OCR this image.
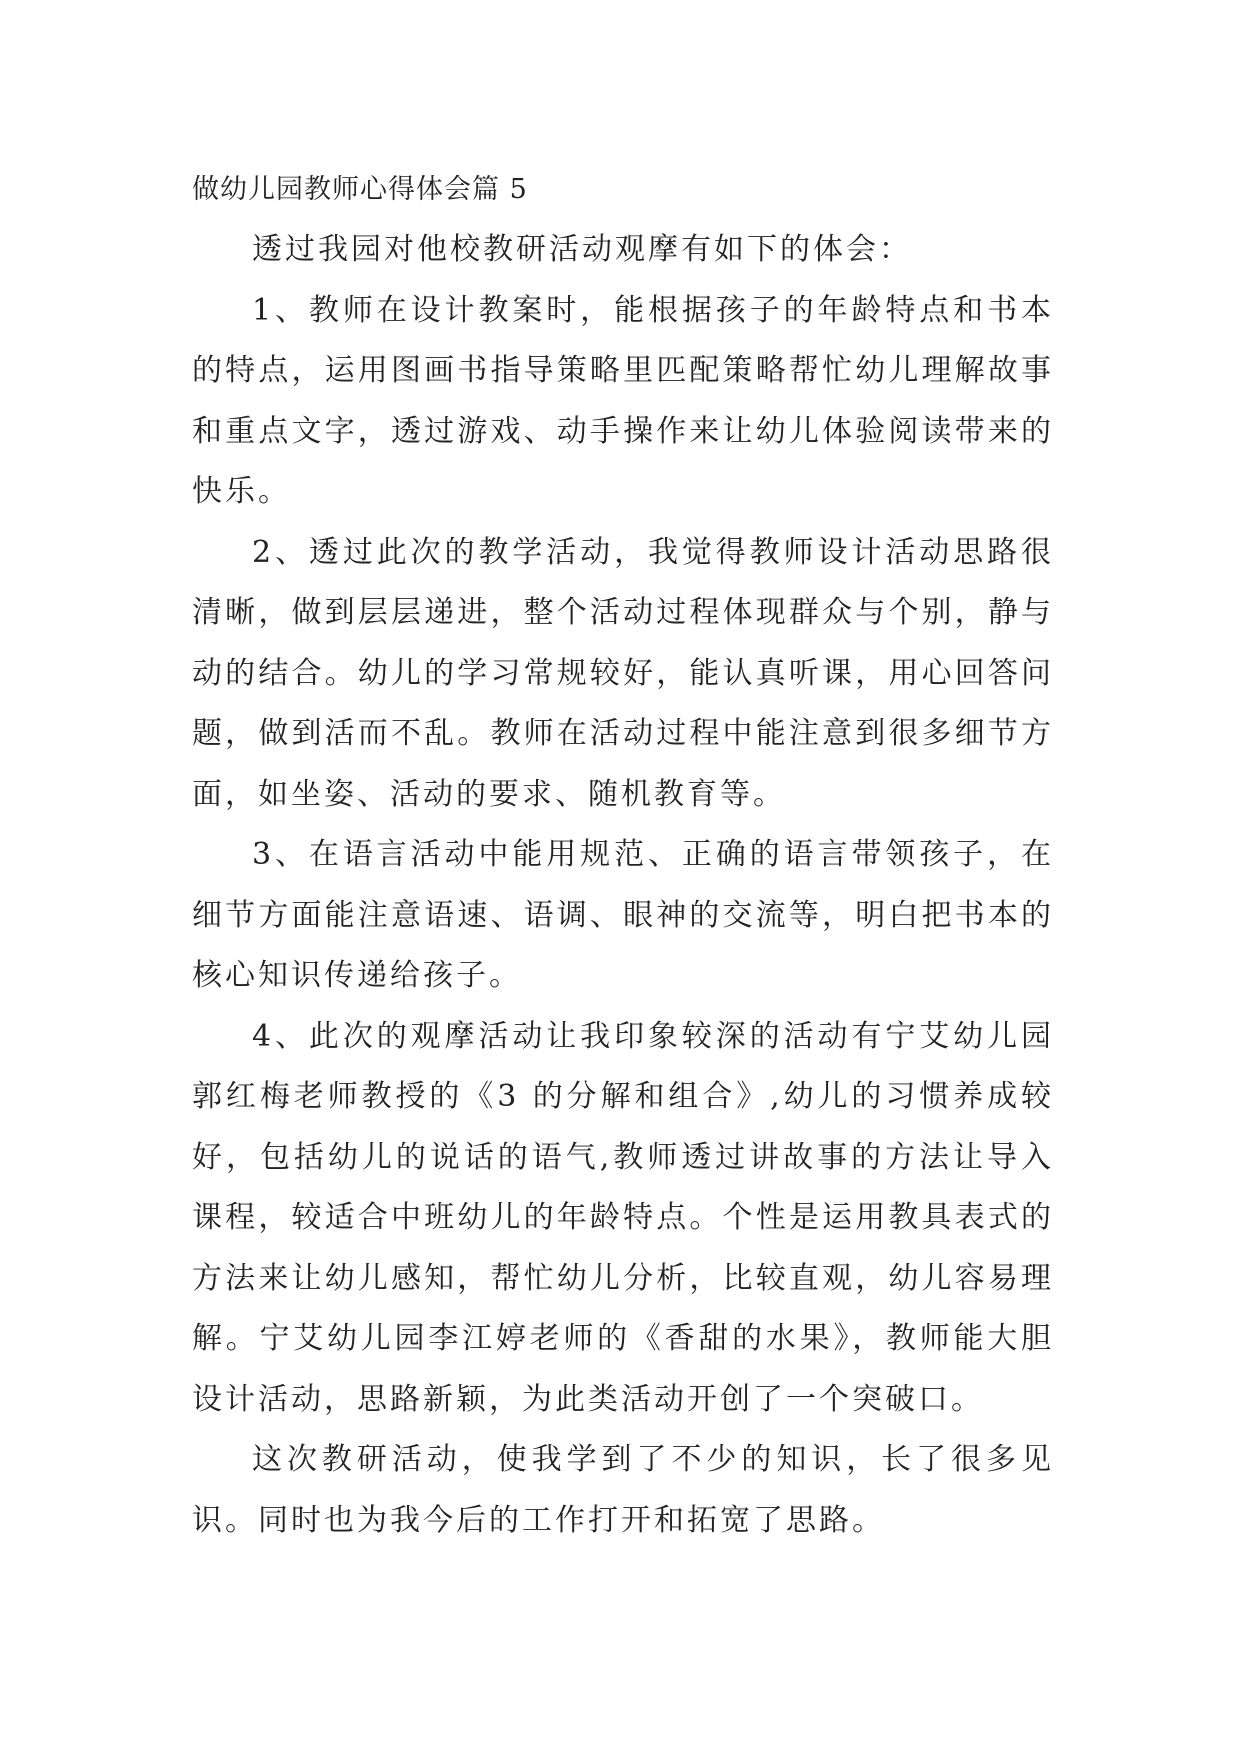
做幼儿园教师心得体会篇 5

透过我园对他校教研活动观摩有如下的体会：

1、教师在设计教案时，能根据孩子的年龄特点和书本的特点，运用图画书指导策略里匹配策略帮忙幼儿理解故事和重点文字，透过游戏、动手操作来让幼儿体验阅读带来的快乐。

2、透过此次的教学活动，我觉得教师设计活动思路很清晰，做到层层递进，整个活动过程体现群众与个别，静与动的结合。幼儿的学习常规较好，能认真听课，用心回答问题，做到活而不乱。教师在活动过程中能注意到很多细节方面，如坐姿、活动的要求、随机教育等。

3、在语言活动中能用规范、正确的语言带领孩子，在细节方面能注意语速、语调、眼神的交流等，明白把书本的核心知识传递给孩子。

4、此次的观摩活动让我印象较深的活动有宁艾幼儿园郭红梅老师教授的《3 的分解和组合》,幼儿的习惯养成较好，包括幼儿的说话的语气,教师透过讲故事的方法让导入课程，较适合中班幼儿的年龄特点。个性是运用教具表式的方法来让幼儿感知，帮忙幼儿分析，比较直观，幼儿容易理解。宁艾幼儿园李江婷老师的《香甜的水果》，教师能大胆设计活动，思路新颖，为此类活动开创了一个突破口。

这次教研活动，使我学到了不少的知识，长了很多见识。同时也为我今后的工作打开和拓宽了思路。
